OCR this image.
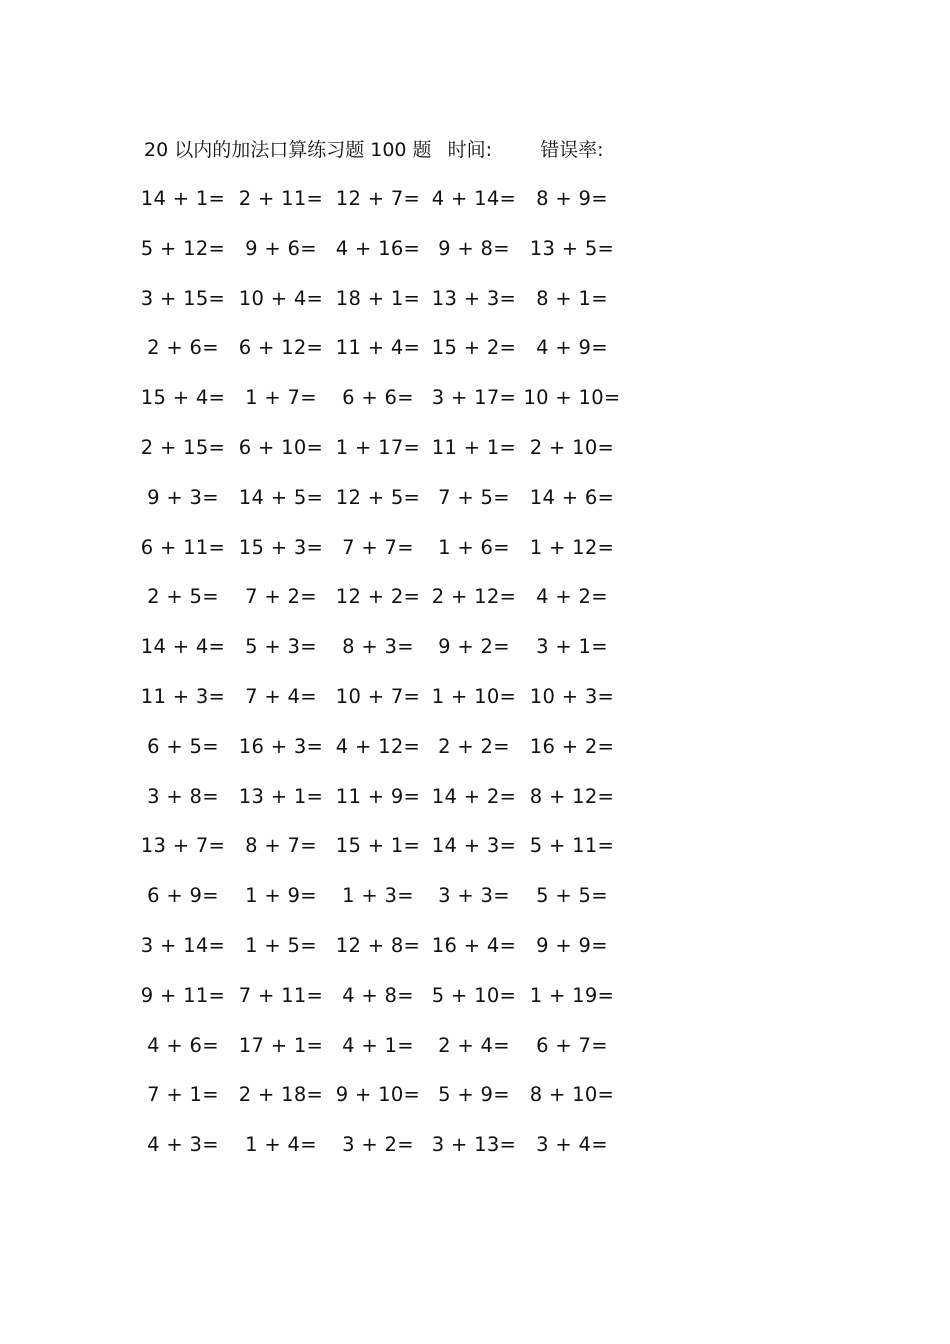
20 以内的加法口算练习题 100 题 时间:	错误率:
14 + 1= 2 + 11= 12 + 7= 4 + 14= 8 + 9=
5 + 12= 9 + 6= 4 + 16= 9 + 8= 13 + 5=
3 + 15= 10 + 4= 18 + 1= 13 + 3= 8 + 1=
2 + 6= 6 + 12= 11 + 4= 15 + 2= 4 + 9=
15 + 4= 1 + 7= 6 + 6= 3 + 17= 10 + 10=
2 + 15= 6 + 10= 1 + 17= 11 + 1= 2 + 10=
9 + 3= 14 + 5= 12 + 5= 7 + 5= 14 + 6=
6 + 11= 15 + 3= 7 + 7= 1 + 6= 1 + 12=
2 + 5= 7 + 2= 12 + 2= 2 + 12= 4 + 2=
14 + 4= 5 + 3= 8 + 3= 9 + 2= 3 + 1=
11 + 3= 7 + 4= 10 + 7= 1 + 10= 10 + 3=
6 + 5= 16 + 3= 4 + 12= 2 + 2= 16 + 2=
3 + 8= 13 + 1= 11 + 9= 14 + 2= 8 + 12=
13 + 7= 8 + 7= 15 + 1= 14 + 3= 5 + 11=
6 + 9= 1 + 9= 1 + 3= 3 + 3= 5 + 5=
3 + 14= 1 + 5= 12 + 8= 16 + 4= 9 + 9=
9 + 11= 7 + 11= 4 + 8= 5 + 10= 1 + 19=
4 + 6= 17 + 1= 4 + 1= 2 + 4= 6 + 7=
7 + 1= 2 + 18= 9 + 10= 5 + 9= 8 + 10=
4 + 3= 1 + 4= 3 + 2= 3 + 13= 3 + 4=
